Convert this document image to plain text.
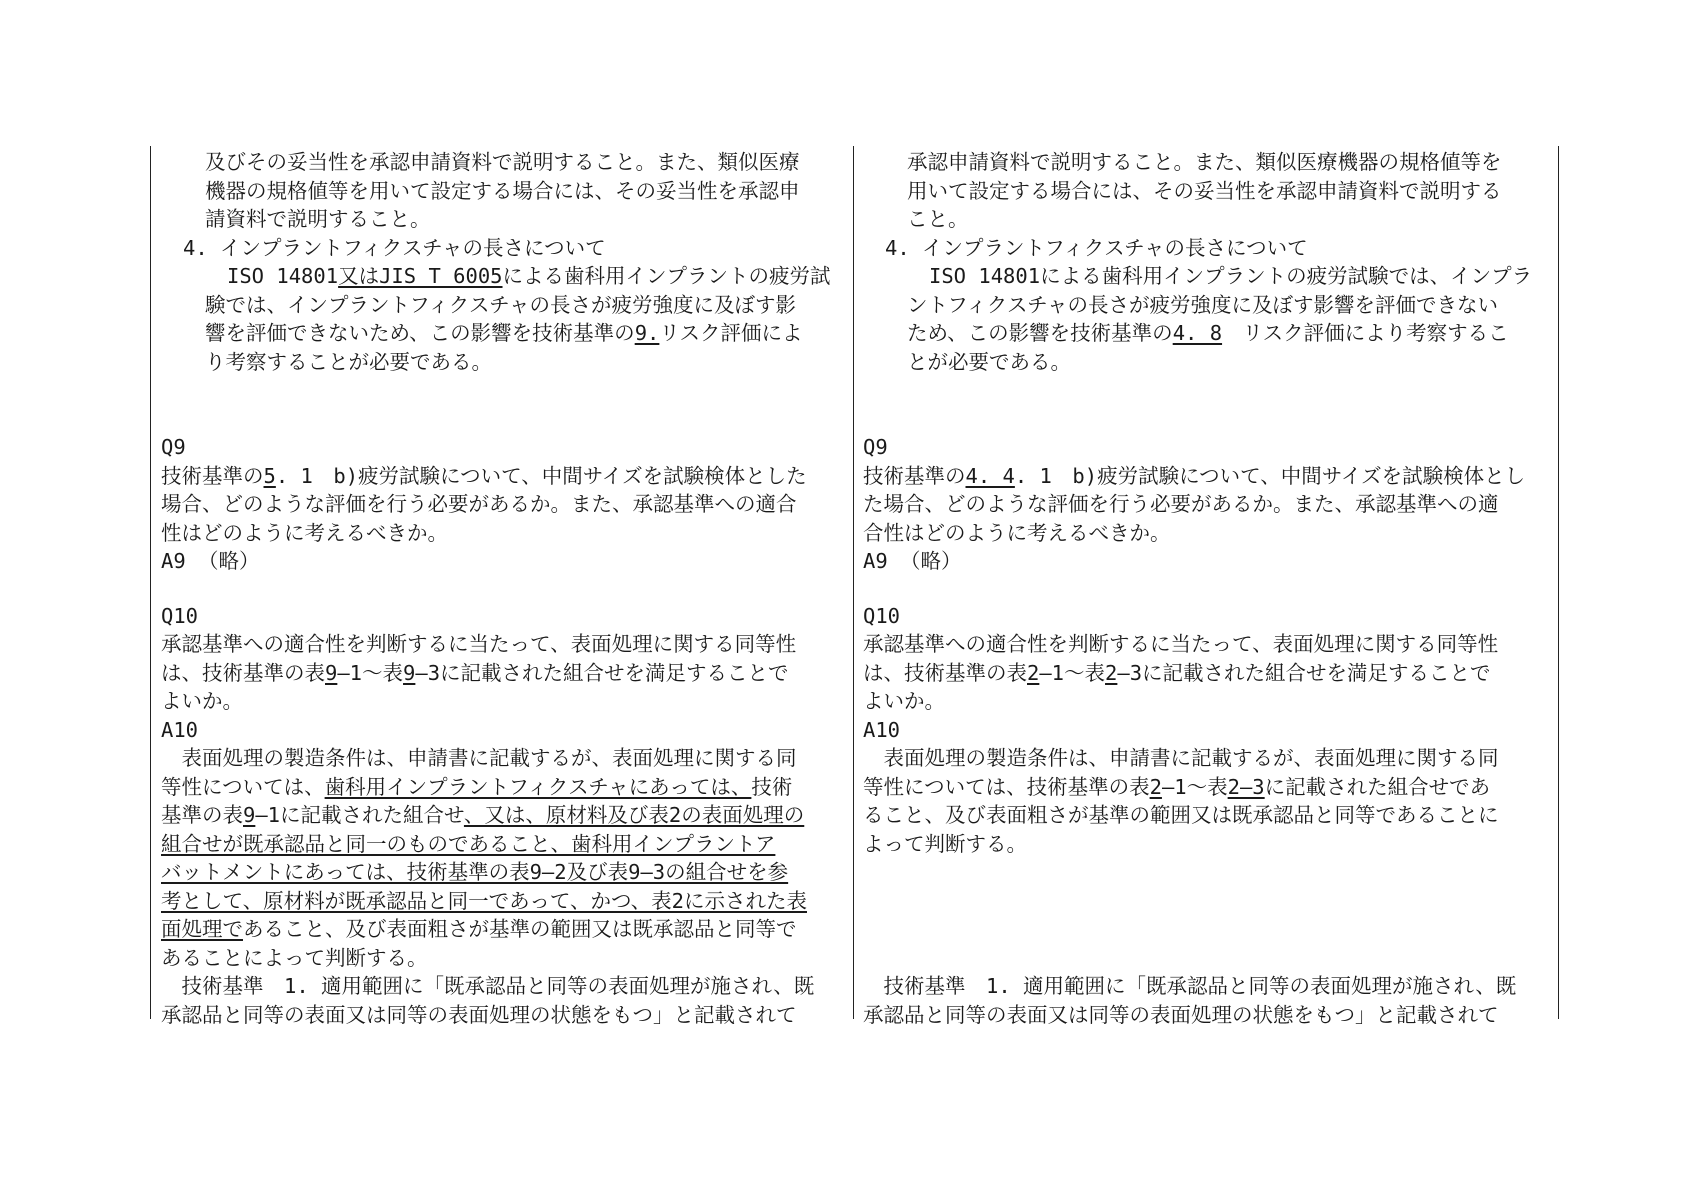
及びその妥当性を承認申請資料で説明すること。また、類似医療
機器の規格値等を用いて設定する場合には、その妥当性を承認申
請資料で説明すること。
4. インプラントフィクスチャの長さについて
ISO 14801又はJIS T 6005による歯科用インプラントの疲労試
験では、インプラントフィクスチャの長さが疲労強度に及ぼす影
響を評価できないため、この影響を技術基準の9.リスク評価によ
り考察することが必要である。
Q9
技術基準の5. 1　b)疲労試験について、中間サイズを試験検体とした
場合、どのような評価を行う必要があるか。また、承認基準への適合
性はどのように考えるべきか。
A9 （略）
Q10
承認基準への適合性を判断するに当たって、表面処理に関する同等性
は、技術基準の表9―1～表9―3に記載された組合せを満足することで
よいか。
A10
　表面処理の製造条件は、申請書に記載するが、表面処理に関する同
等性については、歯科用インプラントフィクスチャにあっては、技術
基準の表9―1に記載された組合せ、又は、原材料及び表2の表面処理の
組合せが既承認品と同一のものであること、歯科用インプラントア
バットメントにあっては、技術基準の表9―2及び表9―3の組合せを参
考として、原材料が既承認品と同一であって、かつ、表2に示された表
面処理であること、及び表面粗さが基準の範囲又は既承認品と同等で
あることによって判断する。
　技術基準　1. 適用範囲に「既承認品と同等の表面処理が施され、既
承認品と同等の表面又は同等の表面処理の状態をもつ」と記載されて
承認申請資料で説明すること。また、類似医療機器の規格値等を
用いて設定する場合には、その妥当性を承認申請資料で説明する
こと。
4. インプラントフィクスチャの長さについて
ISO 14801による歯科用インプラントの疲労試験では、インプラ
ントフィクスチャの長さが疲労強度に及ぼす影響を評価できない
ため、この影響を技術基準の4. 8　リスク評価により考察するこ
とが必要である。
Q9
技術基準の4. 4. 1　b)疲労試験について、中間サイズを試験検体とし
た場合、どのような評価を行う必要があるか。また、承認基準への適
合性はどのように考えるべきか。
A9 （略）
Q10
承認基準への適合性を判断するに当たって、表面処理に関する同等性
は、技術基準の表2―1～表2―3に記載された組合せを満足することで
よいか。
A10
　表面処理の製造条件は、申請書に記載するが、表面処理に関する同
等性については、技術基準の表2―1～表2―3に記載された組合せであ
ること、及び表面粗さが基準の範囲又は既承認品と同等であることに
よって判断する。
　技術基準　1. 適用範囲に「既承認品と同等の表面処理が施され、既
承認品と同等の表面又は同等の表面処理の状態をもつ」と記載されて
